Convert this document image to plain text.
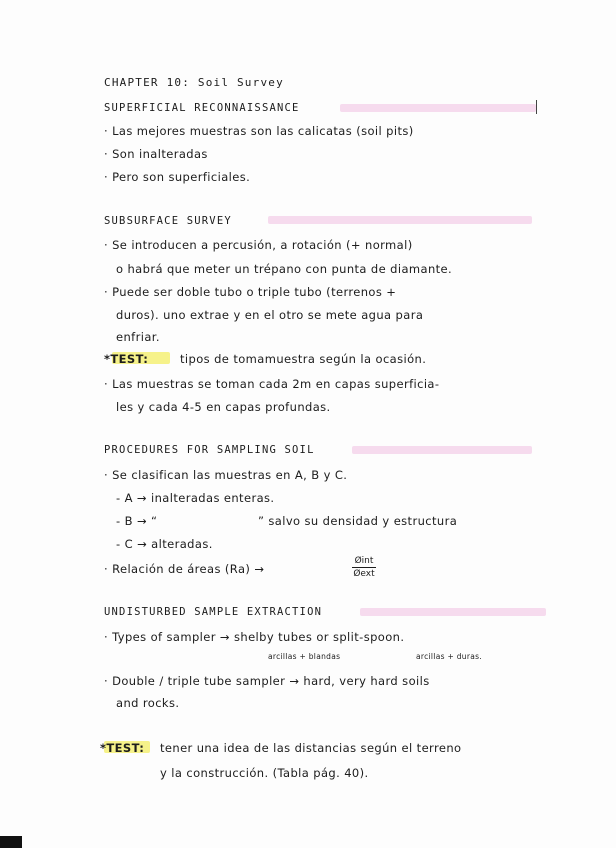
CHAPTER 10: Soil Survey
SUPERFICIAL RECONNAISSANCE
· Las mejores muestras son las calicatas (soil pits)
· Son inalteradas
· Pero son superficiales.
SUBSURFACE SURVEY
· Se introducen a percusión, a rotación (+ normal)
o habrá que meter un trépano con punta de diamante.
· Puede ser doble tubo o triple tubo (terrenos +
duros). uno extrae y en el otro se mete agua para
enfriar.
*TEST:	tipos de tomamuestra según la ocasión.
· Las muestras se toman cada 2m en capas superficia-
les y cada 4-5 en capas profundas.
PROCEDURES FOR SAMPLING SOIL
· Se clasifican las muestras en A, B y C.
- A → inalteradas enteras.
- B → “	” salvo su densidad y estructura
- C → alteradas.
· Relación de áreas (Ra) →
Øint
Øext
UNDISTURBED SAMPLE EXTRACTION
· Types of sampler → shelby tubes or split-spoon.
arcillas + blandas	arcillas + duras.
· Double / triple tube sampler → hard, very hard soils
and rocks.
*TEST: tener una idea de las distancias según el terreno
y la construcción. (Tabla pág. 40).
